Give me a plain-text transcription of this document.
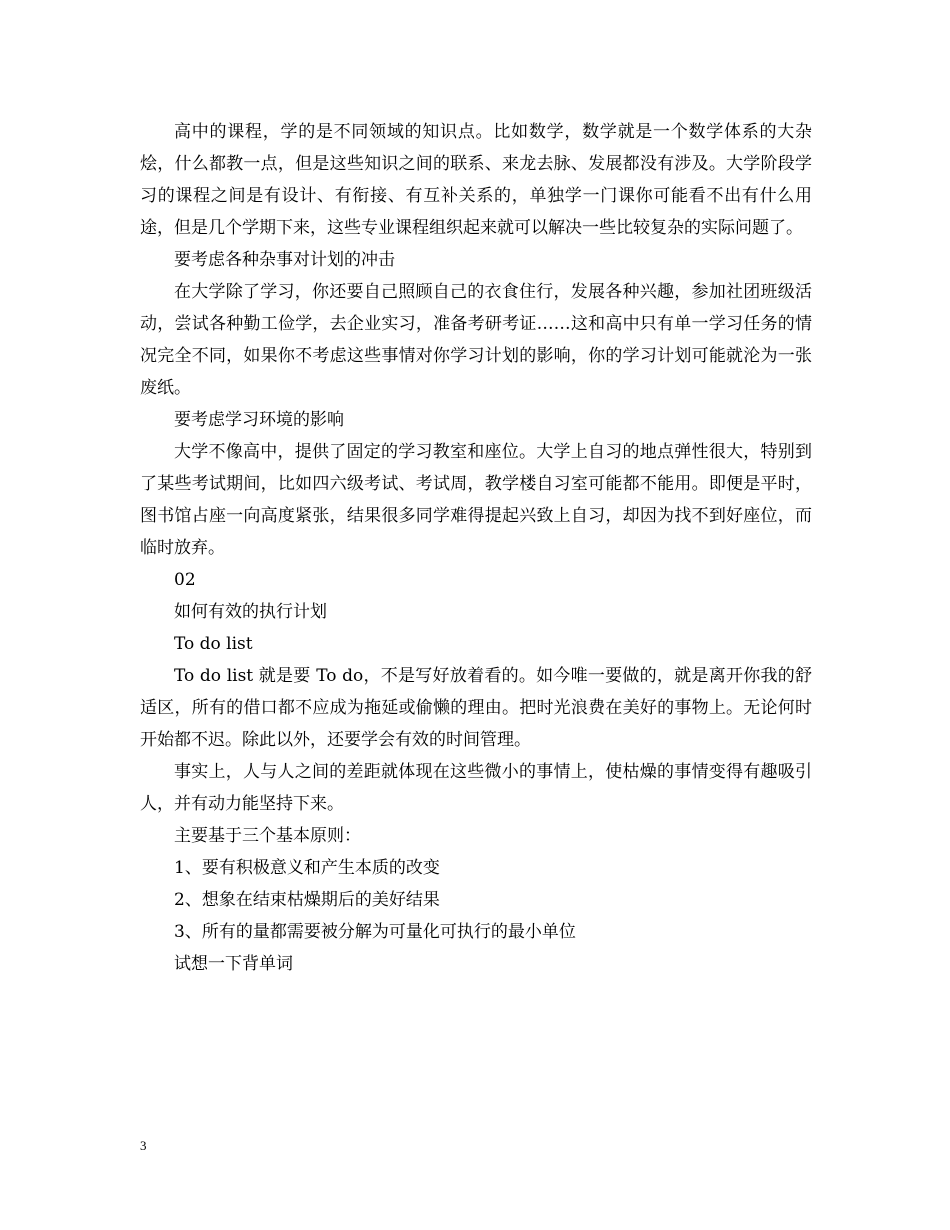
高中的课程，学的是不同领域的知识点。比如数学，数学就是一个数学体系的大杂烩，什么都教一点，但是这些知识之间的联系、来龙去脉、发展都没有涉及。大学阶段学习的课程之间是有设计、有衔接、有互补关系的，单独学一门课你可能看不出有什么用途，但是几个学期下来，这些专业课程组织起来就可以解决一些比较复杂的实际问题了。

要考虑各种杂事对计划的冲击

在大学除了学习，你还要自己照顾自己的衣食住行，发展各种兴趣，参加社团班级活动，尝试各种勤工俭学，去企业实习，准备考研考证……这和高中只有单一学习任务的情况完全不同，如果你不考虑这些事情对你学习计划的影响，你的学习计划可能就沦为一张废纸。

要考虑学习环境的影响

大学不像高中，提供了固定的学习教室和座位。大学上自习的地点弹性很大，特别到了某些考试期间，比如四六级考试、考试周，教学楼自习室可能都不能用。即便是平时，图书馆占座一向高度紧张，结果很多同学难得提起兴致上自习，却因为找不到好座位，而临时放弃。

02

如何有效的执行计划

To do list

To do list 就是要 To do，不是写好放着看的。如今唯一要做的，就是离开你我的舒适区，所有的借口都不应成为拖延或偷懒的理由。把时光浪费在美好的事物上。无论何时开始都不迟。除此以外，还要学会有效的时间管理。

事实上，人与人之间的差距就体现在这些微小的事情上，使枯燥的事情变得有趣吸引人，并有动力能坚持下来。

主要基于三个基本原则：

1、要有积极意义和产生本质的改变

2、想象在结束枯燥期后的美好结果

3、所有的量都需要被分解为可量化可执行的最小单位

试想一下背单词

3
